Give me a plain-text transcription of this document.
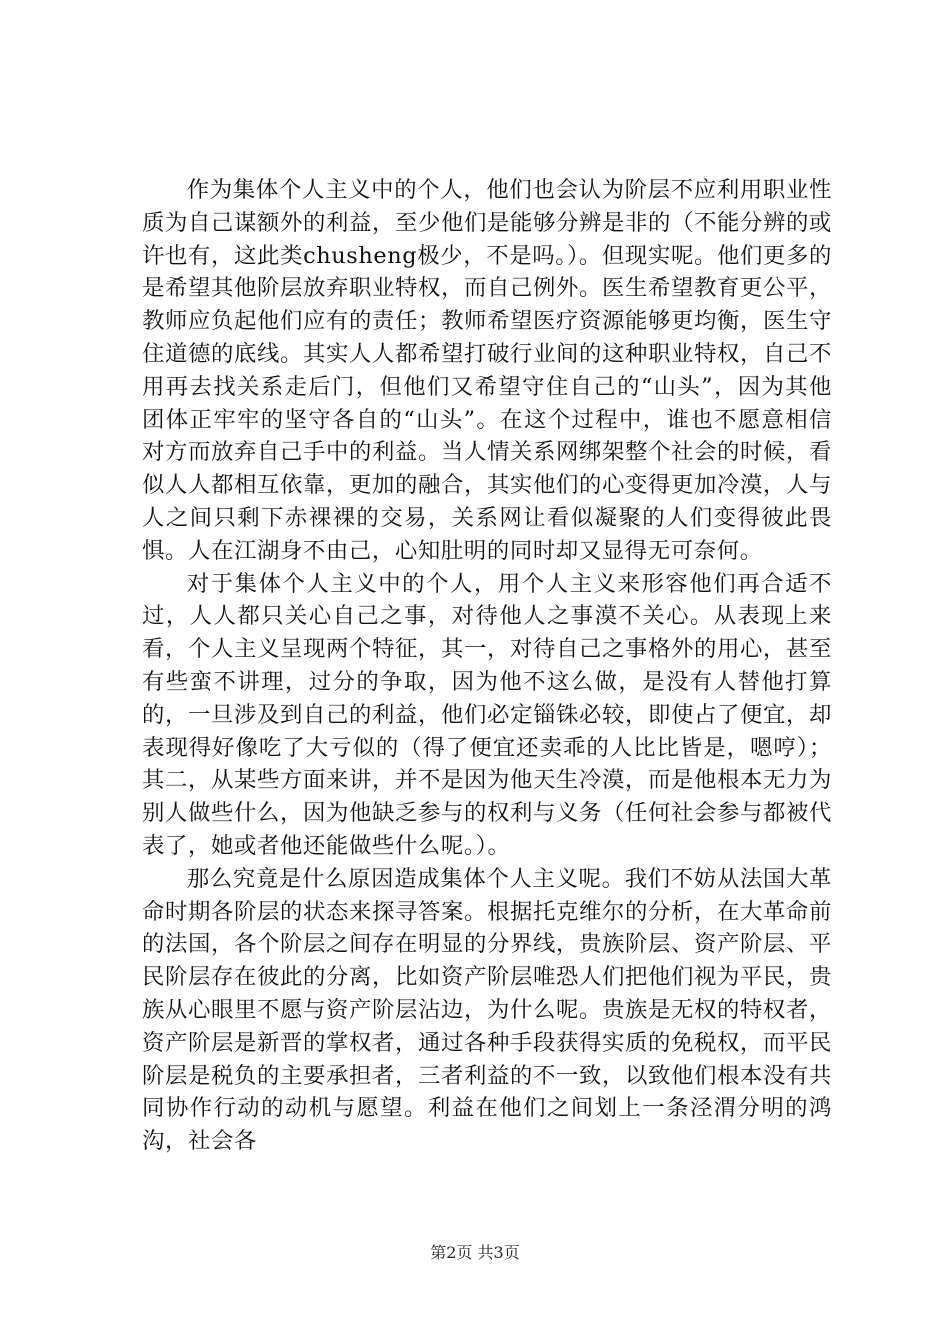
作为集体个人主义中的个人，他们也会认为阶层不应利用职业性质为自己谋额外的利益，至少他们是能够分辨是非的（不能分辨的或许也有，这此类chusheng极少，不是吗。）。但现实呢。他们更多的是希望其他阶层放弃职业特权，而自己例外。医生希望教育更公平，教师应负起他们应有的责任；教师希望医疗资源能够更均衡，医生守住道德的底线。其实人人都希望打破行业间的这种职业特权，自己不用再去找关系走后门，但他们又希望守住自己的“山头”，因为其他团体正牢牢的坚守各自的“山头”。在这个过程中，谁也不愿意相信对方而放弃自己手中的利益。当人情关系网绑架整个社会的时候，看似人人都相互依靠，更加的融合，其实他们的心变得更加冷漠，人与人之间只剩下赤裸裸的交易，关系网让看似凝聚的人们变得彼此畏惧。人在江湖身不由己，心知肚明的同时却又显得无可奈何。

对于集体个人主义中的个人，用个人主义来形容他们再合适不过，人人都只关心自己之事，对待他人之事漠不关心。从表现上来看，个人主义呈现两个特征，其一，对待自己之事格外的用心，甚至有些蛮不讲理，过分的争取，因为他不这么做，是没有人替他打算的，一旦涉及到自己的利益，他们必定锱铢必较，即使占了便宜，却表现得好像吃了大亏似的（得了便宜还卖乖的人比比皆是，嗯哼）；其二，从某些方面来讲，并不是因为他天生冷漠，而是他根本无力为别人做些什么，因为他缺乏参与的权利与义务（任何社会参与都被代表了，她或者他还能做些什么呢。）。

那么究竟是什么原因造成集体个人主义呢。我们不妨从法国大革命时期各阶层的状态来探寻答案。根据托克维尔的分析，在大革命前的法国，各个阶层之间存在明显的分界线，贵族阶层、资产阶层、平民阶层存在彼此的分离，比如资产阶层唯恐人们把他们视为平民，贵族从心眼里不愿与资产阶层沾边，为什么呢。贵族是无权的特权者，资产阶层是新晋的掌权者，通过各种手段获得实质的免税权，而平民阶层是税负的主要承担者，三者利益的不一致，以致他们根本没有共同协作行动的动机与愿望。利益在他们之间划上一条泾渭分明的鸿沟，社会各

第2页 共3页
